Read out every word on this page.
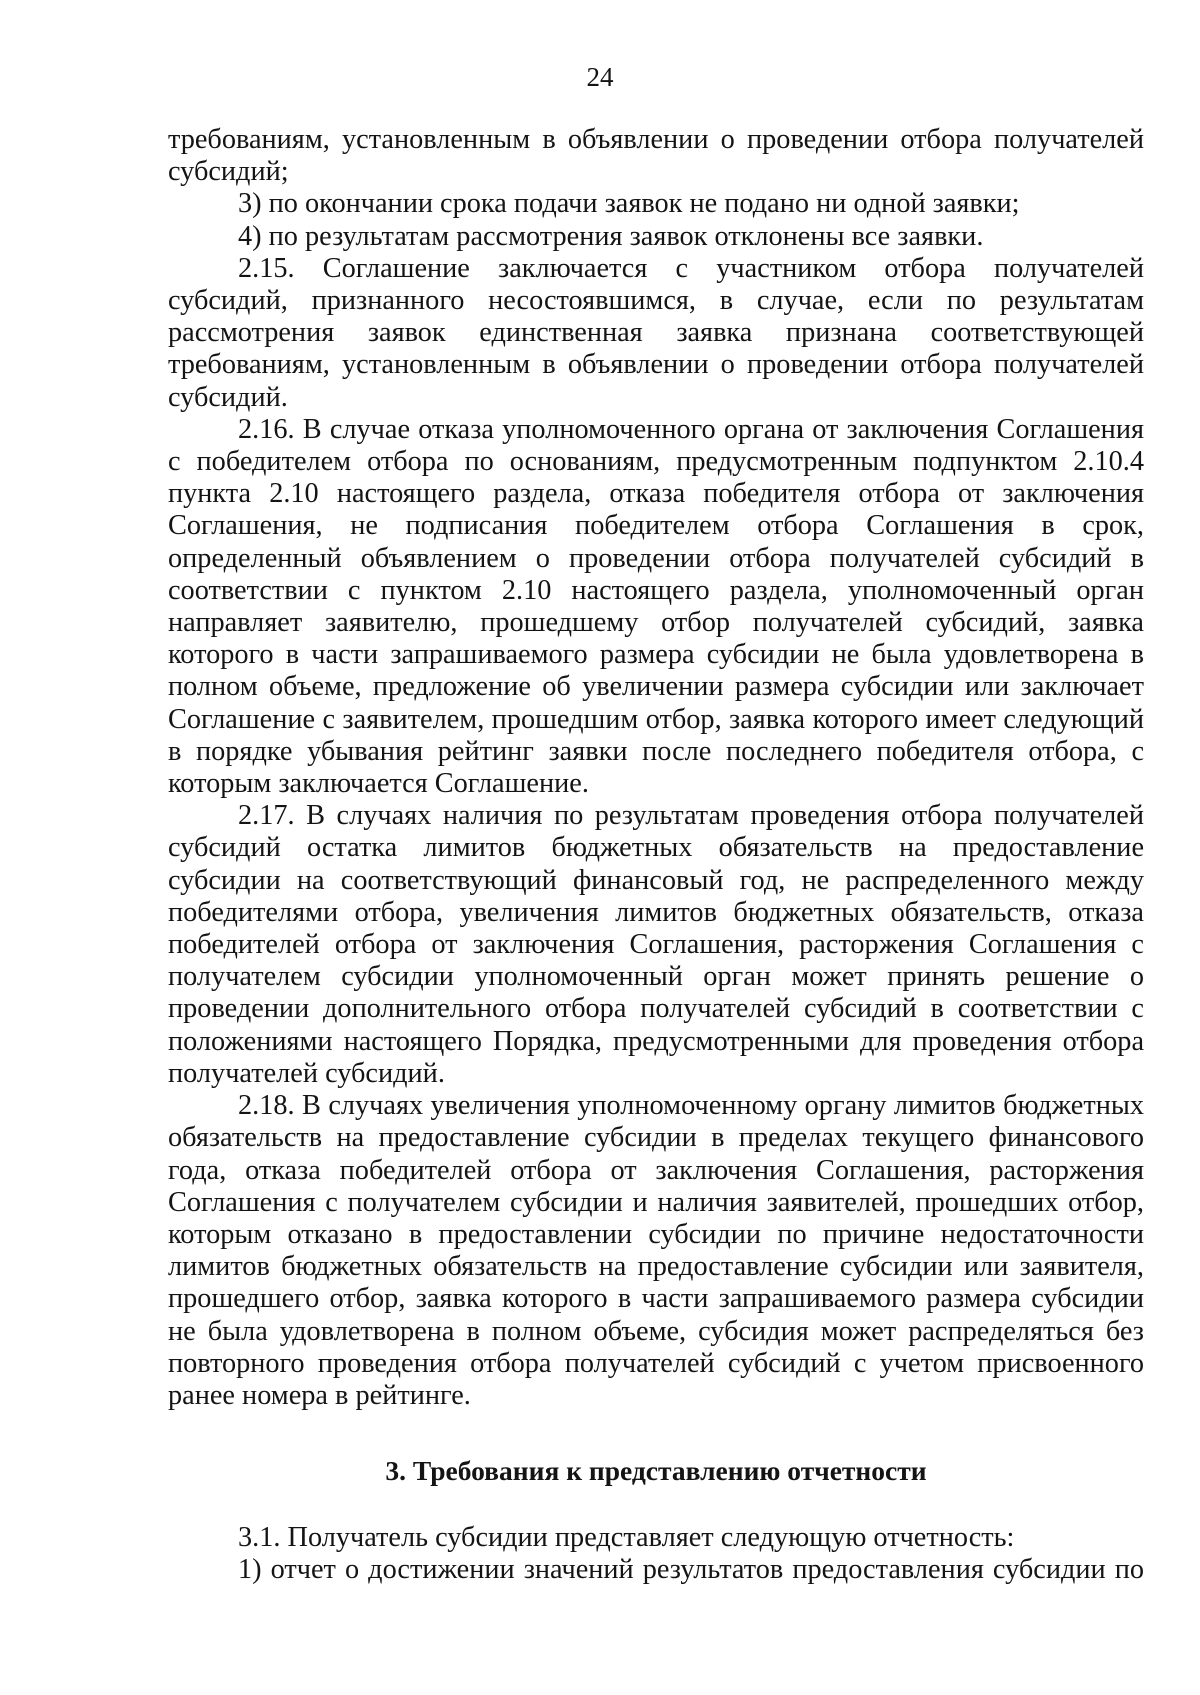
24

требованиям, установленным в объявлении о проведении отбора получателей субсидий;

3) по окончании срока подачи заявок не подано ни одной заявки;

4) по результатам рассмотрения заявок отклонены все заявки.

2.15. Соглашение заключается с участником отбора получателей субсидий, признанного несостоявшимся, в случае, если по результатам рассмотрения заявок единственная заявка признана соответствующей требованиям, установленным в объявлении о проведении отбора получателей субсидий.

2.16. В случае отказа уполномоченного органа от заключения Соглашения с победителем отбора по основаниям, предусмотренным подпунктом 2.10.4 пункта 2.10 настоящего раздела, отказа победителя отбора от заключения Соглашения, не подписания победителем отбора Соглашения в срок, определенный объявлением о проведении отбора получателей субсидий в соответствии с пунктом 2.10 настоящего раздела, уполномоченный орган направляет заявителю, прошедшему отбор получателей субсидий, заявка которого в части запрашиваемого размера субсидии не была удовлетворена в полном объеме, предложение об увеличении размера субсидии или заключает Соглашение с заявителем, прошедшим отбор, заявка которого имеет следующий в порядке убывания рейтинг заявки после последнего победителя отбора, с которым заключается Соглашение.

2.17. В случаях наличия по результатам проведения отбора получателей субсидий остатка лимитов бюджетных обязательств на предоставление субсидии на соответствующий финансовый год, не распределенного между победителями отбора, увеличения лимитов бюджетных обязательств, отказа победителей отбора от заключения Соглашения, расторжения Соглашения с получателем субсидии уполномоченный орган может принять решение о проведении дополнительного отбора получателей субсидий в соответствии с положениями настоящего Порядка, предусмотренными для проведения отбора получателей субсидий.

2.18. В случаях увеличения уполномоченному органу лимитов бюджетных обязательств на предоставление субсидии в пределах текущего финансового года, отказа победителей отбора от заключения Соглашения, расторжения Соглашения с получателем субсидии и наличия заявителей, прошедших отбор, которым отказано в предоставлении субсидии по причине недостаточности лимитов бюджетных обязательств на предоставление субсидии или заявителя, прошедшего отбор, заявка которого в части запрашиваемого размера субсидии не была удовлетворена в полном объеме, субсидия может распределяться без повторного проведения отбора получателей субсидий с учетом присвоенного ранее номера в рейтинге.

3. Требования к представлению отчетности

3.1. Получатель субсидии представляет следующую отчетность:

1) отчет о достижении значений результатов предоставления субсидии по
